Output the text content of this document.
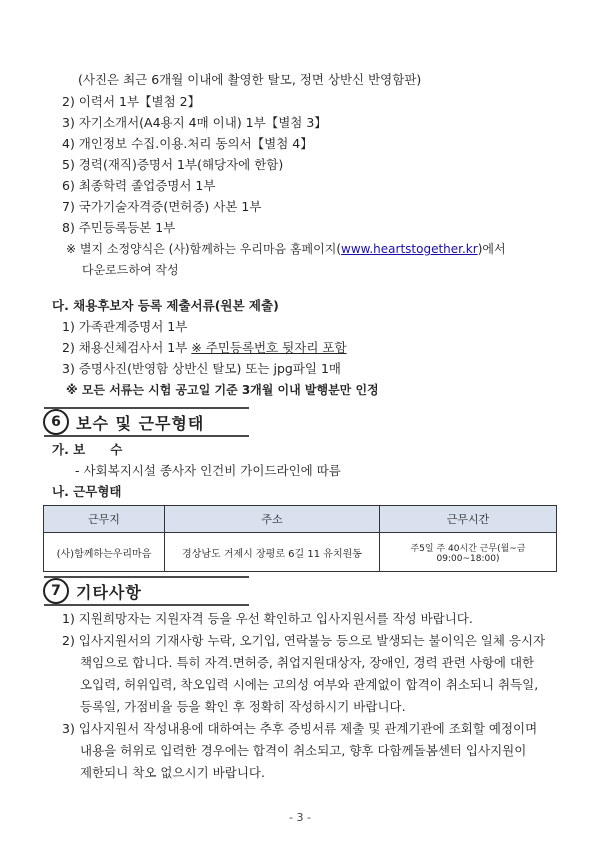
(사진은 최근 6개월 이내에 촬영한 탈모, 정면 상반신 반영함판)
2) 이력서 1부【별첨 2】
3) 자기소개서(A4용지 4매 이내) 1부【별첨 3】
4) 개인정보 수집.이용.처리 동의서【별첨 4】
5) 경력(재직)증명서 1부(해당자에 한함)
6) 최종학력 졸업증명서 1부
7) 국가기술자격증(면허증) 사본 1부
8) 주민등록등본 1부
※ 별지 소정양식은 (사)함께하는 우리마음 홈페이지(www.heartstogether.kr)에서
다운로드하여 작성
다. 채용후보자 등록 제출서류(원본 제출)
1) 가족관계증명서 1부
2) 채용신체검사서 1부 ※ 주민등록번호 뒷자리 포함
3) 증명사진(반영함 상반신 탈모) 또는 jpg파일 1매
※ 모든 서류는 시험 공고일 기준 3개월 이내 발행분만 인정
6 보수 및 근무형태
가. 보　　수
- 사회복지시설 종사자 인건비 가이드라인에 따름
나. 근무형태
근무지	주소	근무시간
(사)함께하는우리마음	경상남도 거제시 장평로 6길 11 유치원동	주5일 주 40시간 근무(월~금 09:00~18:00)
7 기타사항
1) 지원희망자는 지원자격 등을 우선 확인하고 입사지원서를 작성 바랍니다.
2) 입사지원서의 기재사항 누락, 오기입, 연락불능 등으로 발생되는 불이익은 일체 응시자
책임으로 합니다. 특히 자격.면허증, 취업지원대상자, 장애인, 경력 관련 사항에 대한
오입력, 허위입력, 착오입력 시에는 고의성 여부와 관계없이 합격이 취소되니 취득일,
등록일, 가점비율 등을 확인 후 정확히 작성하시기 바랍니다.
3) 입사지원서 작성내용에 대하여는 추후 증빙서류 제출 및 관계기관에 조회할 예정이며
내용을 허위로 입력한 경우에는 합격이 취소되고, 향후 다함께돌봄센터 입사지원이
제한되니 착오 없으시기 바랍니다.
- 3 -
